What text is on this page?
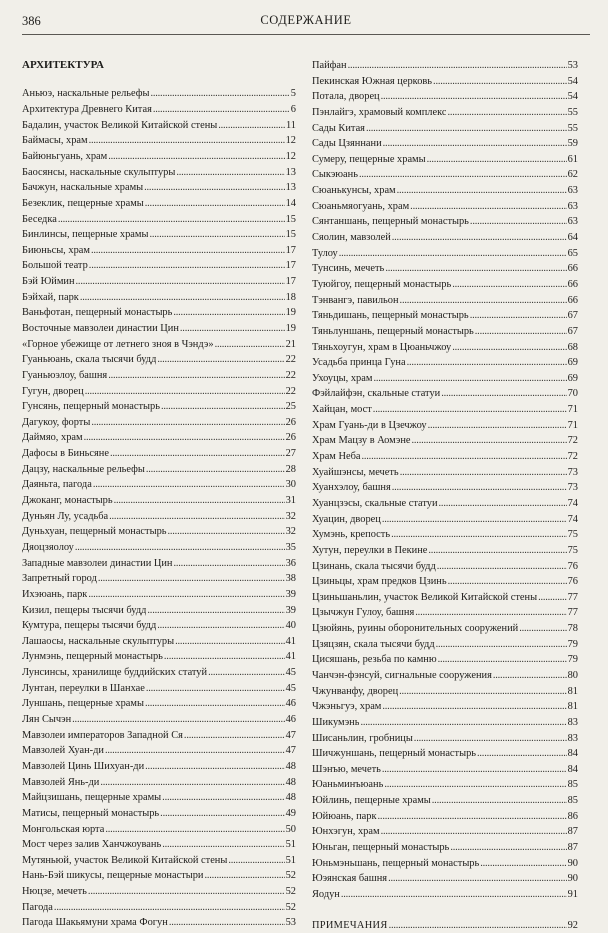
386	СОДЕРЖАНИЕ
АРХИТЕКТУРА
Аньюэ, наскальные рельефы . . .	5
Архитектура Древнего Китая . . .	6
Бадалин, участок Великой Китайской стены . . .	11
Баймасы, храм . . .	12
Байюньгуань, храм . . .	12
Баосянсы, наскальные скульптуры . . .	13
Бачжун, наскальные храмы . . .	13
Безеклик, пещерные храмы . . .	14
Беседка . . .	15
Бинлинсы, пещерные храмы . . .	15
Биюньсы, храм . . .	17
Большой театр . . .	17
Бэй Юймин . . .	17
Бэйхай, парк . . .	18
Ваньфотан, пещерный монастырь . . .	19
Восточные мавзолеи династии Цин . . .	19
«Горное убежище от летнего зноя в Чэндэ» . . .	21
Гуаньюань, скала тысячи будд . . .	22
Гуаньюэлоу, башня . . .	22
Гугун, дворец . . .	22
Гунсянь, пещерный монастырь . . .	25
Дагукоу, форты . . .	26
Даймяо, храм . . .	26
Дафосы в Биньсяне . . .	27
Дацзу, наскальные рельефы . . .	28
Даяньта, пагода . . .	30
Джоканг, монастырь . . .	31
Дуньян Лу, усадьба . . .	32
Дуньхуан, пещерный монастырь . . .	32
Дяоцзяолоу . . .	35
Западные мавзолеи династии Цин . . .	36
Запретный город . . .	38
Ихэюань, парк . . .	39
Кизил, пещеры тысячи будд . . .	39
Кумтура, пещеры тысячи будд . . .	40
Лашаосы, наскальные скульптуры . . .	41
Лунмэнь, пещерный монастырь . . .	41
Лунсинсы, хранилище буддийских статуй . . .	45
Лунтан, переулки в Шанхае . . .	45
Луншань, пещерные храмы . . .	46
Лян Сычэн . . .	46
Мавзолеи императоров Западной Ся . . .	47
Мавзолей Хуан-ди . . .	47
Мавзолей Цинь Шихуан-ди . . .	48
Мавзолей Янь-ди . . .	48
Майцзишань, пещерные храмы . . .	48
Матисы, пещерный монастырь . . .	49
Монгольская юрта . . .	50
Мост через залив Ханчжоувань . . .	51
Мутяньюй, участок Великой Китайской стены . . .	51
Нань-Бэй шикусы, пещерные монастыри . . .	52
Нюцзе, мечеть . . .	52
Пагода . . .	52
Пагода Шакьямуни храма Фогун . . .	53
Пайфан . . .	53
Пекинская Южная церковь . . .	54
Потала, дворец . . .	54
Пэнлайгэ, храмовый комплекс . . .	55
Сады Китая . . .	55
Сады Цзяннани . . .	59
Сумеру, пещерные храмы . . .	61
Сыкэюань . . .	62
Сюанькунсы, храм . . .	63
Сюаньмяогуань, храм . . .	63
Сянтаншань, пещерный монастырь . . .	63
Сяолин, мавзолей . . .	64
Тулоу . . .	65
Тунсинь, мечеть . . .	66
Туюйгоу, пещерный монастырь . . .	66
Тэнвангэ, павильон . . .	66
Тяньдишань, пещерный монастырь . . .	67
Тяньлуншань, пещерный монастырь . . .	67
Тяньхоугун, храм в Цюаньчжоу . . .	68
Усадьба принца Гуна . . .	69
Ухоуцы, храм . . .	69
Фэйлайфэн, скальные статуи . . .	70
Хайцан, мост . . .	71
Храм Гуань-ди в Цзечжоу . . .	71
Храм Мацзу в Аомэне . . .	72
Храм Неба . . .	72
Хуайшэнсы, мечеть . . .	73
Хуанхэлоу, башня . . .	73
Хуанцзэсы, скальные статуи . . .	74
Хуацин, дворец . . .	74
Хумэнь, крепость . . .	75
Хутун, переулки в Пекине . . .	75
Цзинань, скала тысячи будд . . .	76
Цзиньцы, храм предков Цзинь . . .	76
Цзиньшаньлин, участок Великой Китайской стены . . .	77
Цзычжун Гулоу, башня . . .	77
Цзюйянь, руины оборонительных сооружений . . .	78
Цзяцзян, скала тысячи будд . . .	79
Цисяшань, резьба по камню . . .	79
Чанчэн-фэнсуй, сигнальные сооружения . . .	80
Чжунванфу, дворец . . .	81
Чжэньгуэ, храм . . .	81
Шикумэнь . . .	83
Шисаньлин, гробницы . . .	83
Шичжуншань, пещерный монастырь . . .	84
Шэнъю, мечеть . . .	84
Юаньминъюань . . .	85
Юйлинь, пещерные храмы . . .	85
Юйюань, парк . . .	86
Юнхэгун, храм . . .	87
Юньган, пещерный монастырь . . .	87
Юньмэньшань, пещерный монастырь . . .	90
Юэянская башня . . .	90
Яодун . . .	91
ПРИМЕЧАНИЯ . . .	92
